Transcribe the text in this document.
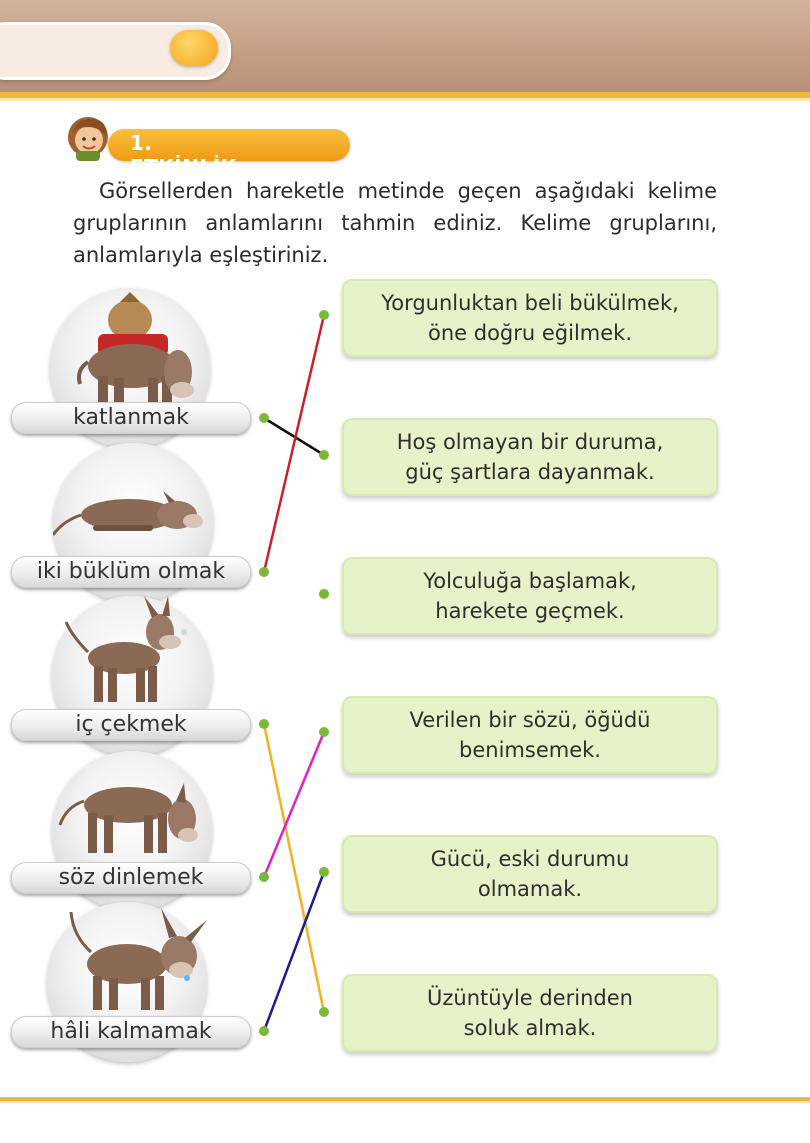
1. ETKİNLİK
Görsellerden hareketle metinde geçen aşağıdaki kelime gruplarının anlamlarını tahmin ediniz. Kelime gruplarını, anlamlarıyla eşleştiriniz.
katlanmak
iki büklüm olmak
iç çekmek
söz dinlemek
hâli kalmamak
Yorgunluktan beli bükülmek,
öne doğru eğilmek.
Hoş olmayan bir duruma,
güç şartlara dayanmak.
Yolculuğa başlamak,
harekete geçmek.
Verilen bir sözü, öğüdü
benimsemek.
Gücü, eski durumu
olmamak.
Üzüntüyle derinden
soluk almak.
